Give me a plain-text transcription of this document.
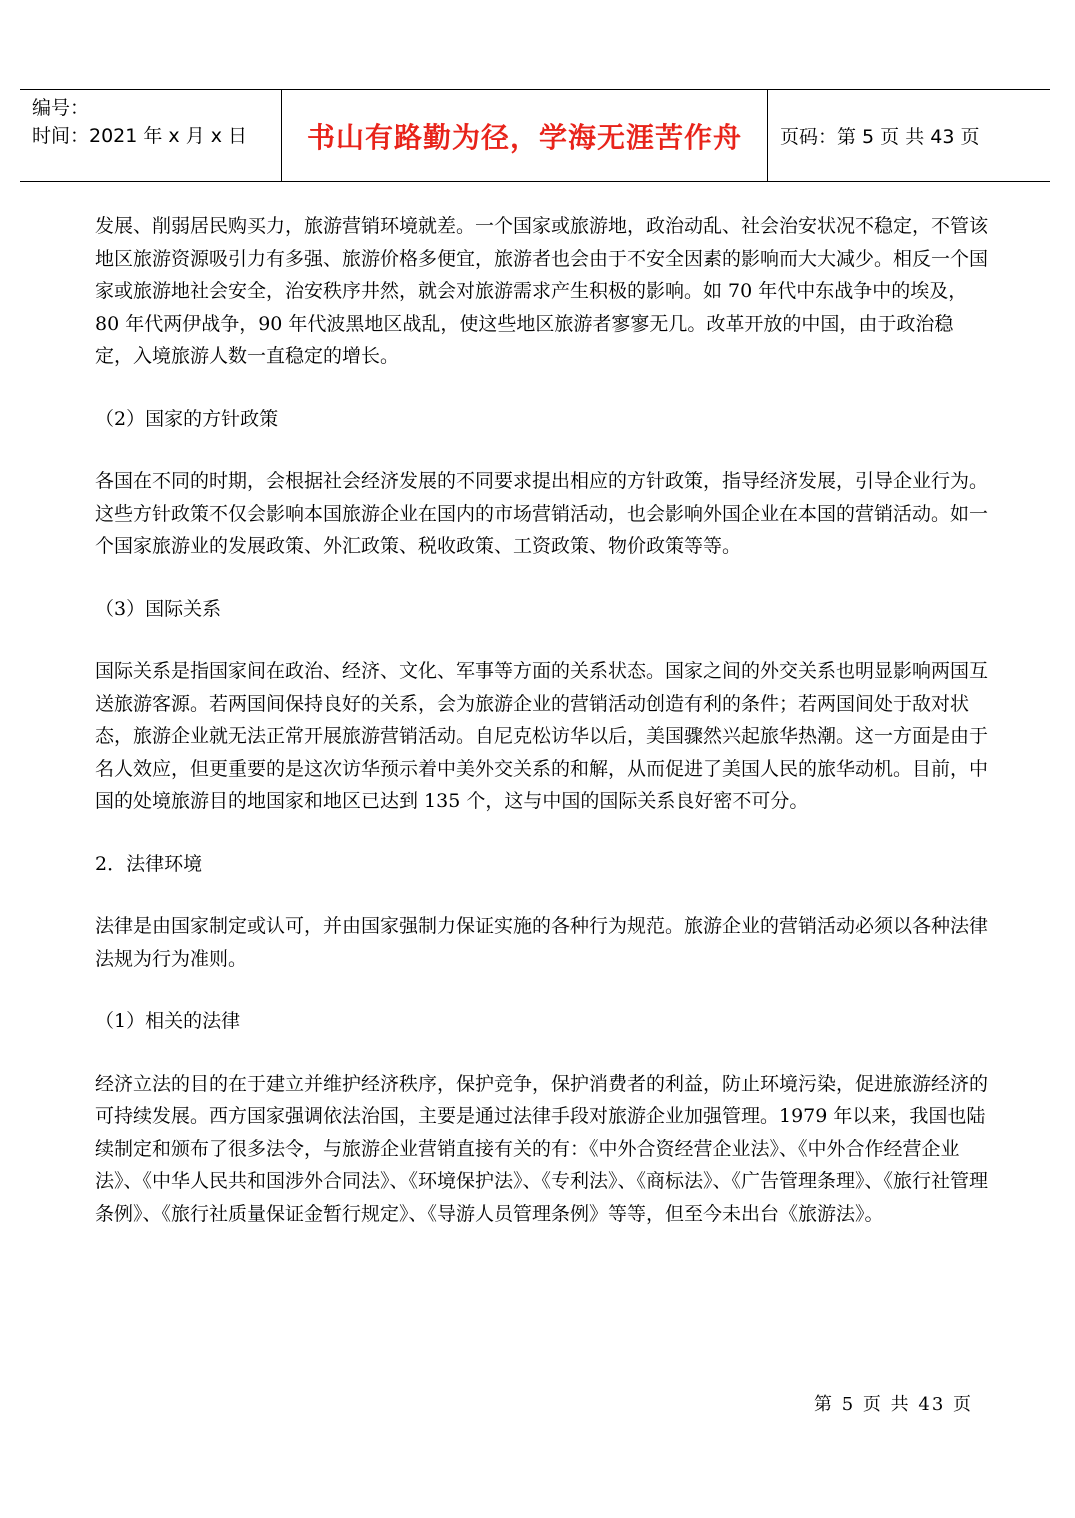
编号：
时间：2021 年 x 月 x 日	书山有路勤为径，学海无涯苦作舟	页码：第 5 页 共 43 页

发展、削弱居民购买力，旅游营销环境就差。一个国家或旅游地，政治动乱、社会治安状况不稳定，不管该地区旅游资源吸引力有多强、旅游价格多便宜，旅游者也会由于不安全因素的影响而大大减少。相反一个国家或旅游地社会安全，治安秩序井然，就会对旅游需求产生积极的影响。如 70 年代中东战争中的埃及，80 年代两伊战争，90 年代波黑地区战乱，使这些地区旅游者寥寥无几。改革开放的中国，由于政治稳定，入境旅游人数一直稳定的增长。

（2）国家的方针政策

各国在不同的时期，会根据社会经济发展的不同要求提出相应的方针政策，指导经济发展，引导企业行为。这些方针政策不仅会影响本国旅游企业在国内的市场营销活动，也会影响外国企业在本国的营销活动。如一个国家旅游业的发展政策、外汇政策、税收政策、工资政策、物价政策等等。

（3）国际关系

国际关系是指国家间在政治、经济、文化、军事等方面的关系状态。国家之间的外交关系也明显影响两国互送旅游客源。若两国间保持良好的关系，会为旅游企业的营销活动创造有利的条件；若两国间处于敌对状态，旅游企业就无法正常开展旅游营销活动。自尼克松访华以后，美国骤然兴起旅华热潮。这一方面是由于名人效应，但更重要的是这次访华预示着中美外交关系的和解，从而促进了美国人民的旅华动机。目前，中国的处境旅游目的地国家和地区已达到 135 个，这与中国的国际关系良好密不可分。

2．法律环境

法律是由国家制定或认可，并由国家强制力保证实施的各种行为规范。旅游企业的营销活动必须以各种法律法规为行为准则。

（1）相关的法律

经济立法的目的在于建立并维护经济秩序，保护竞争，保护消费者的利益，防止环境污染，促进旅游经济的可持续发展。西方国家强调依法治国，主要是通过法律手段对旅游企业加强管理。1979 年以来，我国也陆续制定和颁布了很多法令，与旅游企业营销直接有关的有：《中外合资经营企业法》、《中外合作经营企业法》、《中华人民共和国涉外合同法》、《环境保护法》、《专利法》、《商标法》、《广告管理条理》、《旅行社管理条例》、《旅行社质量保证金暂行规定》、《导游人员管理条例》等等，但至今未出台《旅游法》。

第 5 页 共 43 页
